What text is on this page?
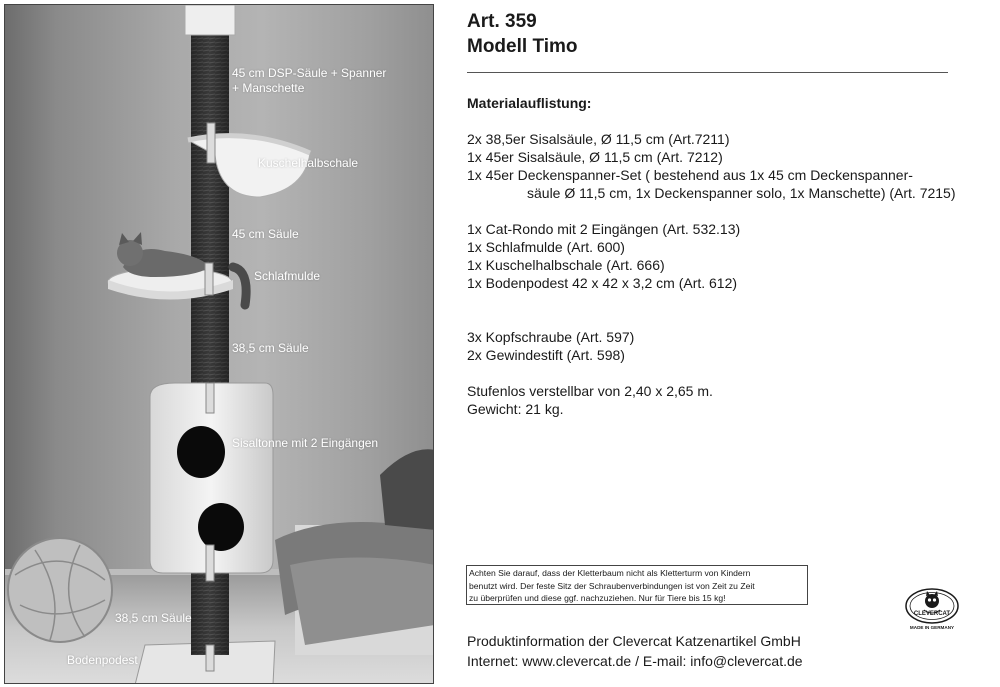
45 cm DSP-Säule + Spanner
+ Manschette
Kuschelhalbschale
45 cm Säule
Schlafmulde
38,5 cm Säule
Sisaltonne mit 2 Eingängen
38,5 cm Säule
Bodenpodest
Art. 359
Modell Timo
Materialauflistung:
2x 38,5er Sisalsäule, Ø 11,5 cm (Art.7211)
1x 45er Sisalsäule, Ø 11,5 cm (Art. 7212)
1x 45er Deckenspanner-Set ( bestehend aus 1x 45 cm Deckenspanner-
säule Ø 11,5 cm, 1x Deckenspanner solo, 1x Manschette) (Art. 7215)
1x Cat-Rondo mit 2 Eingängen (Art. 532.13)
1x Schlafmulde (Art. 600)
1x Kuschelhalbschale (Art. 666)
1x Bodenpodest 42 x 42 x 3,2 cm (Art. 612)
3x Kopfschraube (Art. 597)
2x Gewindestift (Art. 598)
Stufenlos verstellbar von 2,40 x 2,65 m.
Gewicht: 21 kg.
Achten Sie darauf, dass der Kletterbaum nicht als Kletterturm von Kindern
benutzt wird. Der feste Sitz der Schraubenverbindungen ist von Zeit zu Zeit
zu überprüfen und diese ggf. nachzuziehen. Nur für Tiere bis 15 kg!
CLEVERCAT
MADE IN GERMANY
Produktinformation der Clevercat Katzenartikel GmbH
Internet: www.clevercat.de / E-mail: info@clevercat.de
